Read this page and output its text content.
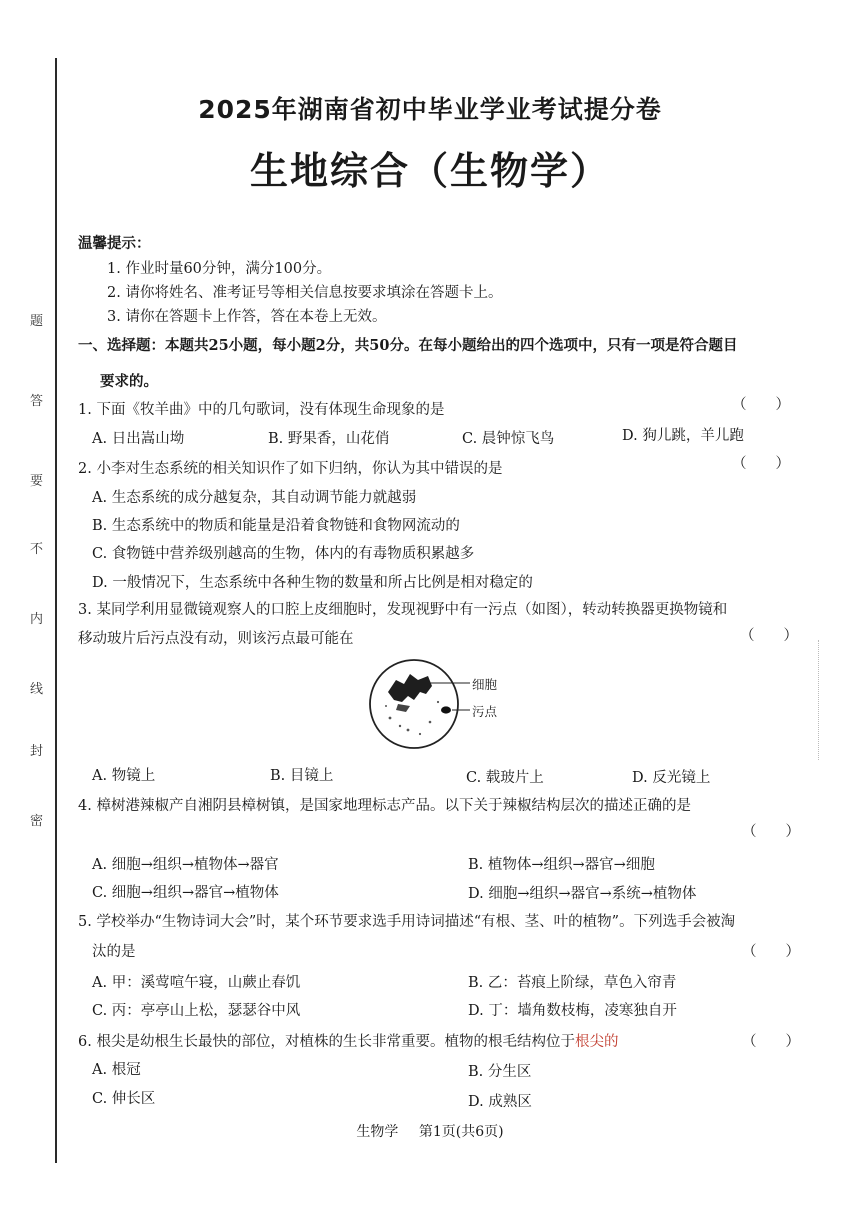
题
答
要
不
内
线
封
密
2025年湖南省初中毕业学业考试提分卷
生地综合（生物学）
温馨提示：
1. 作业时量60分钟，满分100分。
2. 请你将姓名、准考证号等相关信息按要求填涂在答题卡上。
3. 请你在答题卡上作答，答在本卷上无效。
一、选择题：本题共25小题，每小题2分，共50分。在每小题给出的四个选项中，只有一项是符合题目
要求的。
1. 下面《牧羊曲》中的几句歌词，没有体现生命现象的是	（　　）
A. 日出嵩山坳	B. 野果香，山花俏	C. 晨钟惊飞鸟	D. 狗儿跳，羊儿跑
2. 小李对生态系统的相关知识作了如下归纳，你认为其中错误的是	（　　）
A. 生态系统的成分越复杂，其自动调节能力就越弱
B. 生态系统中的物质和能量是沿着食物链和食物网流动的
C. 食物链中营养级别越高的生物，体内的有毒物质积累越多
D. 一般情况下，生态系统中各种生物的数量和所占比例是相对稳定的
3. 某同学利用显微镜观察人的口腔上皮细胞时，发现视野中有一污点（如图），转动转换器更换物镜和
移动玻片后污点没有动，则该污点最可能在	（　　）
细胞
污点
A. 物镜上	B. 目镜上	C. 载玻片上	D. 反光镜上
4. 樟树港辣椒产自湘阴县樟树镇，是国家地理标志产品。以下关于辣椒结构层次的描述正确的是
（　　）
A. 细胞→组织→植物体→器官	B. 植物体→组织→器官→细胞
C. 细胞→组织→器官→植物体	D. 细胞→组织→器官→系统→植物体
5. 学校举办“生物诗词大会”时，某个环节要求选手用诗词描述“有根、茎、叶的植物”。下列选手会被淘
汰的是	（　　）
A. 甲：溪莺喧午寝，山蕨止春饥	B. 乙：苔痕上阶绿，草色入帘青
C. 丙：亭亭山上松，瑟瑟谷中风	D. 丁：墙角数枝梅，凌寒独自开
6. 根尖是幼根生长最快的部位，对植株的生长非常重要。植物的根毛结构位于根尖的	（　　）
A. 根冠	B. 分生区
C. 伸长区	D. 成熟区
生物学 第1页(共6页)
